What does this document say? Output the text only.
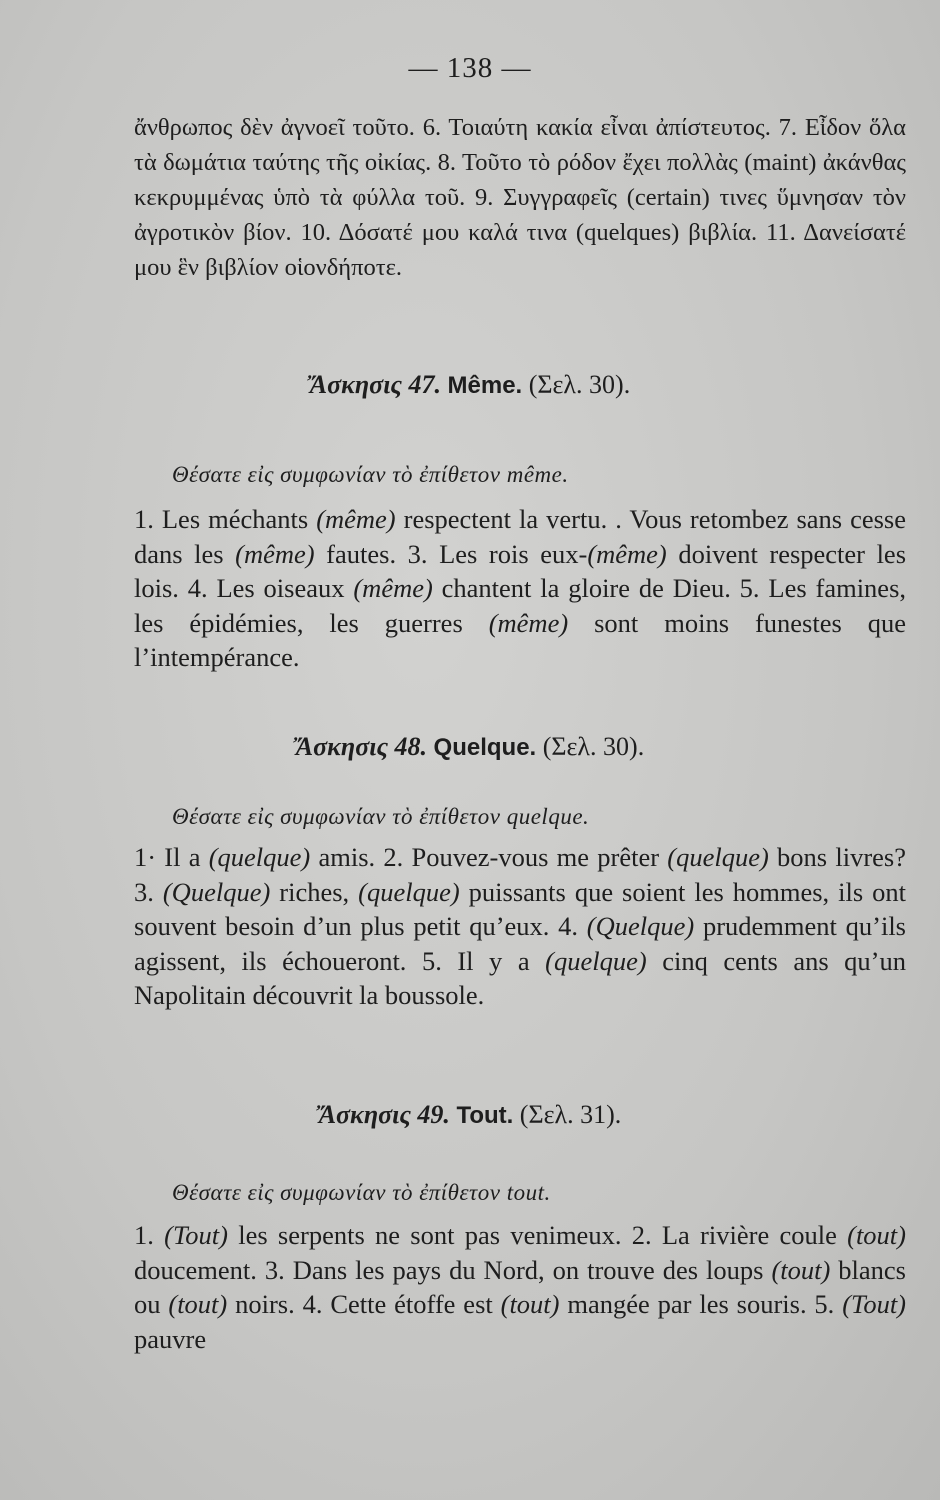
— 138 —

ἄνθρωπος δὲν ἀγνοεῖ τοῦτο. 6. Τοιαύτη κακία εἶναι ἀπίστευτος. 7. Εἶδον ὅλα τὰ δωμάτια ταύτης τῆς οἰκίας. 8. Τοῦτο τὸ ρόδον ἔχει πολλὰς (maint) ἀκάνθας κεκρυμμένας ὑπὸ τὰ φύλλα τοῦ. 9. Συγγραφεῖς (certain) τινες ὕμνησαν τὸν ἀγροτικὸν βίον. 10. Δόσατέ μου καλά τινα (quelques) βιβλία. 11. Δανείσατέ μου ἓν βιβλίον οἱονδήποτε.

Ἄσκησις 47. Même. (Σελ. 30).
Θέσατε εἰς συμφωνίαν τὸ ἐπίθετον même.

1. Les méchants (même) respectent la vertu. . Vous retombez sans cesse dans les (même) fautes. 3. Les rois eux-(même) doivent respecter les lois. 4. Les oiseaux (même) chantent la gloire de Dieu. 5. Les famines, les épidémies, les guerres (même) sont moins funestes que l’intempérance.

Ἄσκησις 48. Quelque. (Σελ. 30).
Θέσατε εἰς συμφωνίαν τὸ ἐπίθετον quelque.

1· Il a (quelque) amis. 2. Pouvez-vous me prêter (quelque) bons livres? 3. (Quelque) riches, (quelque) puissants que soient les hommes, ils ont souvent besoin d’un plus petit qu’eux. 4. (Quelque) prudemment qu’ils agissent, ils échoueront. 5. Il y a (quelque) cinq cents ans qu’un Napolitain découvrit la boussole.

Ἄσκησις 49. Tout. (Σελ. 31).
Θέσατε εἰς συμφωνίαν τὸ ἐπίθετον tout.

1. (Tout) les serpents ne sont pas venimeux. 2. La rivière coule (tout) doucement. 3. Dans les pays du Nord, on trouve des loups (tout) blancs ou (tout) noirs. 4. Cette étoffe est (tout) mangée par les souris. 5. (Tout) pauvre
